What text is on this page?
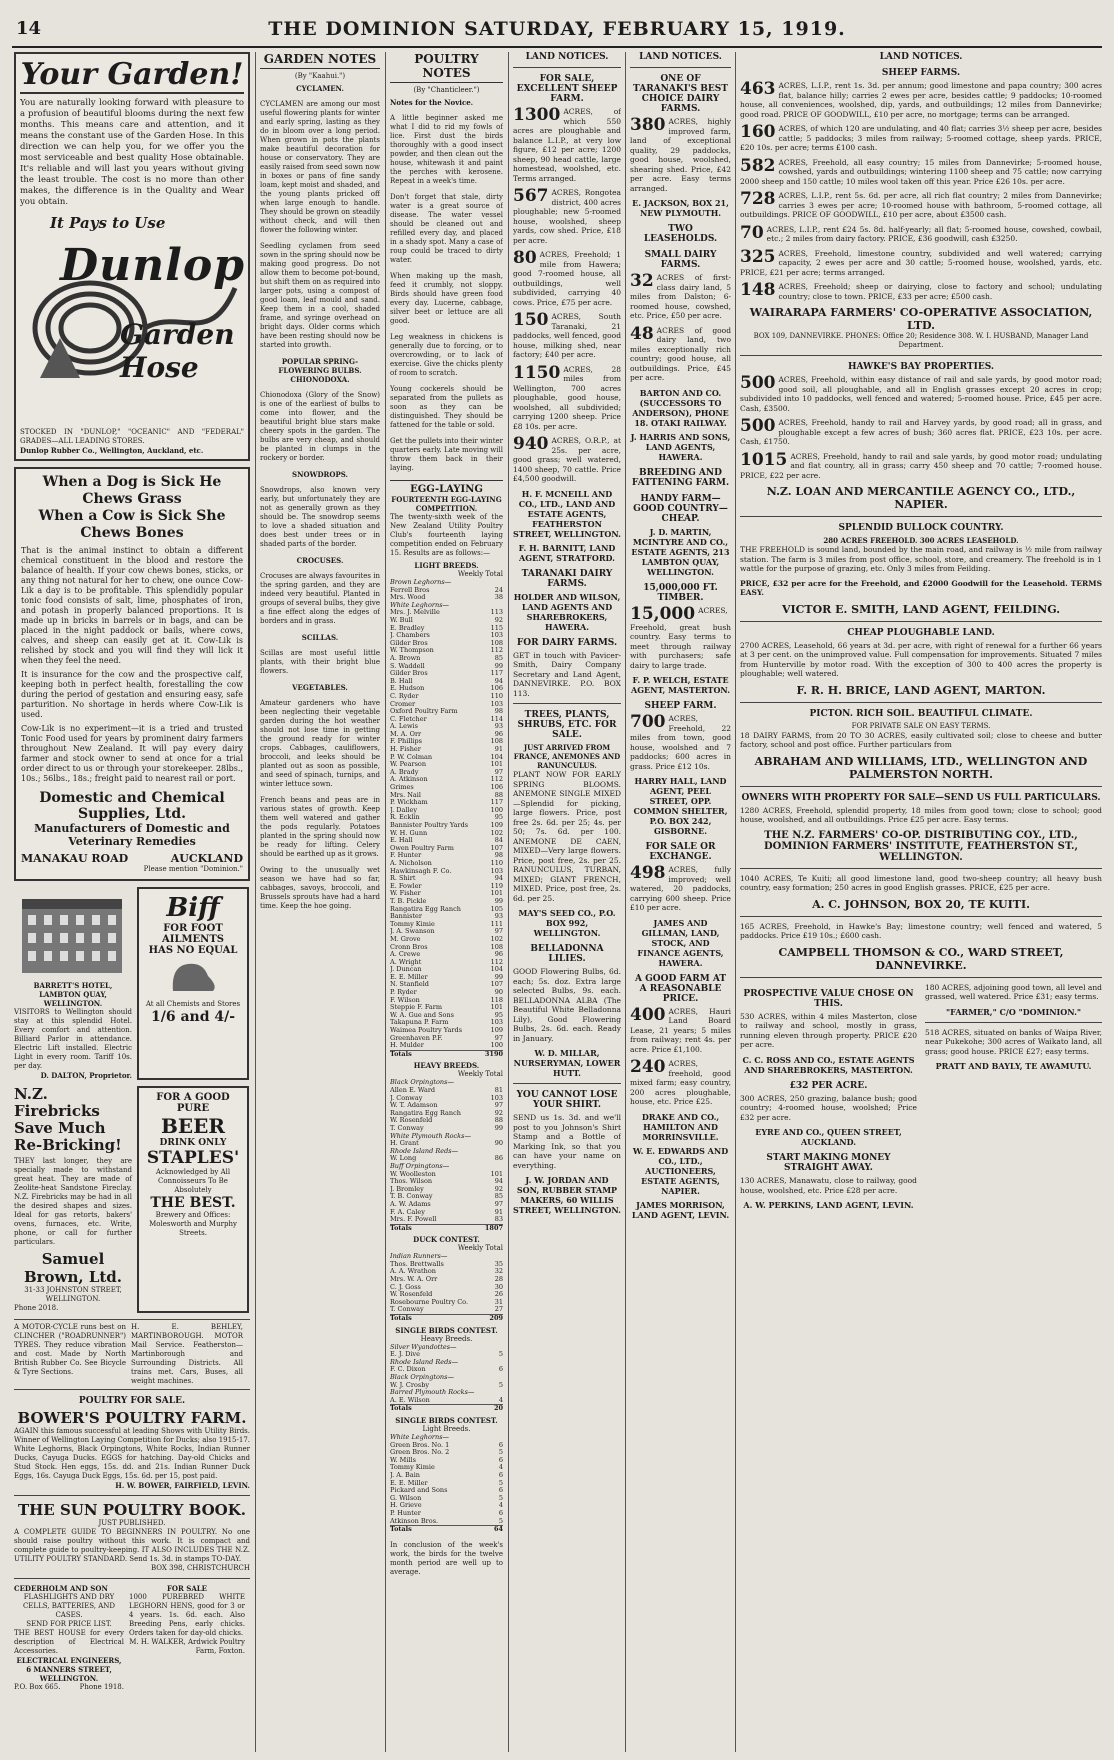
14	THE DOMINION SATURDAY, FEBRUARY 15, 1919.
Your Garden!
You are naturally looking forward with pleasure to a profusion of beautiful blooms during the next few months. This means care and attention, and it means the constant use of the Garden Hose. In this direction we can help you, for we offer you the most serviceable and best quality Hose obtainable. It's reliable and will last you years without giving the least trouble. The cost is no more than other makes, the difference is in the Quality and Wear you obtain.
It Pays to Use
Dunlop
Garden Hose
STOCKED IN "DUNLOP," "OCEANIC" AND "FEDERAL" GRADES—ALL LEADING STORES.
Dunlop Rubber Co., Wellington, Auckland, etc.
When a Dog is Sick He Chews Grass
When a Cow is Sick She Chews Bones
That is the animal instinct to obtain a different chemical constituent in the blood and restore the balance of health. If your cow chews bones, sticks, or any thing not natural for her to chew, one ounce Cow-Lik a day is to be profitable. This splendidly popular tonic food consists of salt, lime, phosphates of iron, and potash in properly balanced proportions. It is made up in bricks in barrels or in bags, and can be placed in the night paddock or bails, where cows, calves, and sheep can easily get at it. Cow-Lik is relished by stock and you will find they will lick it when they feel the need.
It is insurance for the cow and the prospective calf, keeping both in perfect health, forestalling the cow during the period of gestation and ensuring easy, safe parturition. No shortage in herds where Cow-Lik is used.
Cow-Lik is no experiment—it is a tried and trusted Tonic Food used for years by prominent dairy farmers throughout New Zealand. It will pay every dairy farmer and stock owner to send at once for a trial order direct to us or through your storekeeper. 28lbs., 10s.; 56lbs., 18s.; freight paid to nearest rail or port.
Domestic and Chemical Supplies, Ltd.
Manufacturers of Domestic and Veterinary Remedies
MANAKAU ROAD	AUCKLAND
Please mention "Dominion."
BARRETT'S HOTEL, LAMBTON QUAY, WELLINGTON.
VISITORS to Wellington should stay at this splendid Hotel. Every comfort and attention. Billiard Parlor in attendance. Electric Lift installed. Electric Light in every room. Tariff 10s. per day.
D. DALTON, Proprietor.
Biff
FOR FOOT AILMENTS
HAS NO EQUAL
At all Chemists and Stores
1/6 and 4/-
N.Z. Firebricks Save Much Re-Bricking!
THEY last longer, they are specially made to withstand great heat. They are made of Zeolite-heat Sandstone Fireclay. N.Z. Firebricks may be had in all the desired shapes and sizes. Ideal for gas retorts, bakers' ovens, furnaces, etc. Write, phone, or call for further particulars.
Samuel Brown, Ltd.
31-33 JOHNSTON STREET, WELLINGTON.
Phone 2018.
FOR A GOOD PURE
BEER
DRINK ONLY
STAPLES'
Acknowledged by All Connoisseurs To Be Absolutely
THE BEST.
Brewery and Offices: Molesworth and Murphy Streets.
A MOTOR-CYCLE runs best on CLINCHER ("ROADRUNNER") TYRES. They reduce vibration and cost. Made by North British Rubber Co. See Bicycle & Tyre Sections.
H. E. BEHLEY, MARTINBOROUGH. MOTOR Mail Service. Featherston—Martinborough and Surrounding Districts. All trains met. Cars, Buses, all weight machines.
POULTRY FOR SALE.
BOWER'S POULTRY FARM.
AGAIN this famous successful at leading Shows with Utility Birds. Winner of Wellington Laying Competition for Ducks; also 1915-17. White Leghorns, Black Orpingtons, White Rocks, Indian Runner Ducks, Cayuga Ducks. EGGS for hatching. Day-old Chicks and Stud Stock. Hen eggs, 15s. dd. and 21s. Indian Runner Duck Eggs, 16s. Cayuga Duck Eggs, 15s. 6d. per 15, post paid.
H. W. BOWER, FAIRFIELD, LEVIN.
THE SUN POULTRY BOOK.
JUST PUBLISHED.
A COMPLETE GUIDE TO BEGINNERS IN POULTRY. No one should raise poultry without this work. It is compact and complete guide to poultry-keeping. IT ALSO INCLUDES THE N.Z. UTILITY POULTRY STANDARD. Send 1s. 3d. in stamps TO-DAY.
BOX 398, CHRISTCHURCH
CEDERHOLM AND SON
FLASHLIGHTS AND DRY CELLS, BATTERIES, AND CASES.
SEND FOR PRICE LIST.
THE BEST HOUSE for every description of Electrical Accessories.
ELECTRICAL ENGINEERS, 6 MANNERS STREET, WELLINGTON.
P.O. Box 665.	Phone 1918.
FOR SALE
1000 PUREBRED WHITE LEGHORN HENS, good for 3 or 4 years. 1s. 6d. each. Also Breeding Pens, early chicks. Orders taken for day-old chicks.
M. H. WALKER, Ardwick Poultry Farm, Foxton.
GARDEN NOTES
(By "Kaahui.")
CYCLAMEN.

CYCLAMEN are among our most useful flowering plants for winter and early spring, lasting as they do in bloom over a long period. When grown in pots the plants make beautiful decoration for house or conservatory. They are easily raised from seed sown now in boxes or pans of fine sandy loam, kept moist and shaded, and the young plants pricked off when large enough to handle. They should be grown on steadily without check, and will then flower the following winter.

Seedling cyclamen from seed sown in the spring should now be making good progress. Do not allow them to become pot-bound, but shift them on as required into larger pots, using a compost of good loam, leaf mould and sand. Keep them in a cool, shaded frame, and syringe overhead on bright days. Older corms which have been resting should now be started into growth.

POPULAR SPRING-FLOWERING BULBS.
CHIONODOXA.

Chionodoxa (Glory of the Snow) is one of the earliest of bulbs to come into flower, and the beautiful bright blue stars make cheery spots in the garden. The bulbs are very cheap, and should be planted in clumps in the rockery or border.

SNOWDROPS.

Snowdrops, also known very early, but unfortunately they are not as generally grown as they should be. The snowdrop seems to love a shaded situation and does best under trees or in shaded parts of the border.

CROCUSES.

Crocuses are always favourites in the spring garden, and they are indeed very beautiful. Planted in groups of several bulbs, they give a fine effect along the edges of borders and in grass.

SCILLAS.

Scillas are most useful little plants, with their bright blue flowers.

VEGETABLES.

Amateur gardeners who have been neglecting their vegetable garden during the hot weather should not lose time in getting the ground ready for winter crops. Cabbages, cauliflowers, broccoli, and leeks should be planted out as soon as possible, and seed of spinach, turnips, and winter lettuce sown.

French beans and peas are in various states of growth. Keep them well watered and gather the pods regularly. Potatoes planted in the spring should now be ready for lifting. Celery should be earthed up as it grows.

Owing to the unusually wet season we have had so far, cabbages, savoys, broccoli, and Brussels sprouts have had a hard time. Keep the hoe going.

POULTRY NOTES
(By "Chanticleer.")
Notes for the Novice.

A little beginner asked me what I did to rid my fowls of lice. First dust the birds thoroughly with a good insect powder, and then clean out the house, whitewash it and paint the perches with kerosene. Repeat in a week's time.

Don't forget that stale, dirty water is a great source of disease. The water vessel should be cleaned out and refilled every day, and placed in a shady spot. Many a case of roup could be traced to dirty water.

When making up the mash, feed it crumbly, not sloppy. Birds should have green food every day. Lucerne, cabbage, silver beet or lettuce are all good.

Leg weakness in chickens is generally due to forcing, or to overcrowding, or to lack of exercise. Give the chicks plenty of room to scratch.

Young cockerels should be separated from the pullets as soon as they can be distinguished. They should be fattened for the table or sold.

Get the pullets into their winter quarters early. Late moving will throw them back in their laying.

EGG-LAYING
FOURTEENTH EGG-LAYING COMPETITION.
The twenty-sixth week of the New Zealand Utility Poultry Club's fourteenth laying competition ended on February 15. Results are as follows:—
LIGHT BREEDS.
Weekly Total
Brown Leghorns—	
Ferrell Bros	24
Mrs. Wood	38
White Leghorns—	
Mrs. J. Melville	113
W. Bull	92
E. Bradley	115
J. Chambers	103
Gilder Bros	108
W. Thompson	112
A. Brown	85
S. Waddell	99
Gilder Bros	117
B. Hall	94
E. Hudson	106
C. Ryder	110
Cromer	103
Oxford Poultry Farm	98
C. Fletcher	114
A. Lewis	93
M. A. Orr	96
F. Phillips	108
H. Fisher	91
P. W. Colman	104
W. Pearson	101
A. Brady	97
A. Atkinson	112
Grimes	106
Mrs. Nail	88
P. Wickham	117
J. Dalley	100
R. Ecklin	95
Bannister Poultry Yards	109
W. H. Gunn	102
E. Hall	84
Owen Poultry Farm	107
F. Hunter	98
A. Nicholson	110
Hawkinsagh F. Co.	103
R. Shirt	94
E. Fowler	119
W. Fisher	101
T. B. Pickle	99
Rangatira Egg Ranch	105
Bannister	93
Tommy Kimie	111
J. A. Swanson	97
M. Grove	102
Cronn Bros	108
A. Crewe	96
A. Wright	112
J. Duncan	104
E. E. Miller	99
N. Stanfield	107
P. Ryder	90
F. Wilson	118
Steppie F. Farm	101
W. A. Gue and Sons	95
Takapuna P. Farm	103
Waimea Poultry Yards	109
Greenhaven P.F.	97
H. Mulder	100
Totals	3190
HEAVY BREEDS.
Weekly Total
Black Orpingtons—	
Allen E. Ward	81
J. Conway	103
W. T. Adamson	97
Rangatira Egg Ranch	92
W. Rosenfeld	88
T. Conway	99
White Plymouth Rocks—	
H. Grant	90
Rhode Island Reds—	
W. Long	86
Buff Orpingtons—	
W. Woolleston	101
Thos. Wilson	94
J. Bromley	92
T. B. Conway	85
A. W. Adams	97
F. A. Caley	91
Mrs. F. Powell	83
Totals	1807
DUCK CONTEST.
Weekly Total
Indian Runners—	
Thos. Brettwalls	35
A. A. Wrathon	32
Mrs. W. A. Orr	28
C. J. Goss	30
W. Rosenfeld	26
Rosebourne Poultry Co.	31
T. Conway	27
Totals	209
SINGLE BIRDS CONTEST.
Heavy Breeds.
Silver Wyandottes—	
E. J. Dive	5
Rhode Island Reds—	
F. C. Dixon	6
Black Orpingtons—	
W. J. Crosby	5
Barred Plymouth Rocks—	
A. E. Wilson	4
Totals	20
SINGLE BIRDS CONTEST.
Light Breeds.
White Leghorns—	
Green Bros. No. 1	6
Green Bros. No. 2	5
W. Mills	6
Tommy Kimie	4
J. A. Bain	6
E. E. Miller	5
Pickard and Sons	6
G. Wilson	5
H. Grieve	4
P. Hunter	6
Atkinson Bros.	5
Totals	64

In conclusion of the week's work, the birds for the twelve month period are well up to average.

LAND NOTICES.
FOR SALE, EXCELLENT SHEEP FARM.
1300 ACRES, of which 550 acres are ploughable and balance L.I.P., at very low figure, £12 per acre; 1200 sheep, 90 head cattle, large homestead, woolshed, etc. Terms arranged.
567 ACRES, Rongotea district, 400 acres ploughable; new 5-roomed house, woolshed, sheep yards, cow shed. Price, £18 per acre.
80 ACRES, Freehold; 1 mile from Hawera; good 7-roomed house, all outbuildings, well subdivided, carrying 40 cows. Price, £75 per acre.
150 ACRES, South Taranaki, 21 paddocks, well fenced, good house, milking shed, near factory; £40 per acre.
1150 ACRES, 28 miles from Wellington, 700 acres ploughable, good house, woolshed, all subdivided; carrying 1200 sheep. Price £8 10s. per acre.
940 ACRES, O.R.P., at 25s. per acre, good grass; well watered, 1400 sheep, 70 cattle. Price £4,500 goodwill.
H. F. MCNEILL AND CO., LTD., LAND AND ESTATE AGENTS, FEATHERSTON STREET, WELLINGTON.
F. H. BARNITT, LAND AGENT, STRATFORD.
TARANAKI DAIRY FARMS.
HOLDER AND WILSON, LAND AGENTS AND SHAREBROKERS, HAWERA.
FOR DAIRY FARMS.
GET in touch with Pavicer-Smith, Dairy Company Secretary and Land Agent, DANNEVIRKE. P.O. BOX 113.
TREES, PLANTS, SHRUBS, ETC. FOR SALE.
JUST ARRIVED FROM FRANCE, ANEMONES AND RANUNCULUS.
PLANT NOW FOR EARLY SPRING BLOOMS. ANEMONE SINGLE MIXED—Splendid for picking, large flowers. Price, post free 2s. 6d. per 25; 4s. per 50; 7s. 6d. per 100. ANEMONE DE CAEN, MIXED—Very large flowers. Price, post free, 2s. per 25. RANUNCULUS, TURBAN, MIXED; GIANT FRENCH, MIXED. Price, post free, 2s. 6d. per 25.
MAY'S SEED CO., P.O. BOX 992, WELLINGTON.
BELLADONNA LILIES.
GOOD Flowering Bulbs, 6d. each; 5s. doz. Extra large selected Bulbs, 9s. each. BELLADONNA ALBA (The Beautiful White Belladonna Lily), Good Flowering Bulbs, 2s. 6d. each. Ready in January.
W. D. MILLAR, NURSERYMAN, LOWER HUTT.
YOU CANNOT LOSE YOUR SHIRT.
SEND us 1s. 3d. and we'll post to you Johnson's Shirt Stamp and a Bottle of Marking Ink, so that you can have your name on everything.
J. W. JORDAN AND SON, RUBBER STAMP MAKERS, 60 WILLIS STREET, WELLINGTON.
LAND NOTICES.
ONE OF TARANAKI'S BEST CHOICE DAIRY FARMS.
380 ACRES, highly improved farm, land of exceptional quality, 29 paddocks, good house, woolshed, shearing shed. Price, £42 per acre. Easy terms arranged.
E. JACKSON, BOX 21, NEW PLYMOUTH.
TWO LEASEHOLDS.
SMALL DAIRY FARMS.
32 ACRES of first-class dairy land, 5 miles from Dalston; 6-roomed house, cowshed, etc. Price, £50 per acre.
48 ACRES of good dairy land, two miles exceptionally rich country; good house, all outbuildings. Price, £45 per acre.
BARTON AND CO. (SUCCESSORS TO ANDERSON), PHONE 18. OTAKI RAILWAY.
J. HARRIS AND SONS, LAND AGENTS, HAWERA.
BREEDING AND FATTENING FARM.
HANDY FARM—GOOD COUNTRY—CHEAP.
J. D. MARTIN, MCINTYRE AND CO., ESTATE AGENTS, 213 LAMBTON QUAY, WELLINGTON.
15,000,000 FT. TIMBER.
15,000 ACRES, Freehold, great bush country. Easy terms to meet through railway with purchasers; safe dairy to large trade.
F. P. WELCH, ESTATE AGENT, MASTERTON.
SHEEP FARM.
700 ACRES, Freehold, 22 miles from town, good house, woolshed and 7 paddocks; 600 acres in grass. Price £12 10s.
HARRY HALL, LAND AGENT, PEEL STREET, OPP. COMMON SHELTER, P.O. BOX 242, GISBORNE.
FOR SALE OR EXCHANGE.
498 ACRES, fully improved; well watered, 20 paddocks, carrying 600 sheep. Price £10 per acre.
JAMES AND GILLMAN, LAND, STOCK, AND FINANCE AGENTS, HAWERA.
A GOOD FARM AT A REASONABLE PRICE.
400 ACRES, Hauri Land Board Lease, 21 years; 5 miles from railway; rent 4s. per acre. Price £1,100.
240 ACRES, freehold, good mixed farm; easy country, 200 acres ploughable, house, etc. Price £25.
DRAKE AND CO., HAMILTON AND MORRINSVILLE.
W. E. EDWARDS AND CO., LTD., AUCTIONEERS, ESTATE AGENTS, NAPIER.
JAMES MORRISON, LAND AGENT, LEVIN.
LAND NOTICES.
SHEEP FARMS.
463 ACRES, L.I.P., rent 1s. 3d. per annum; good limestone and papa country; 300 acres flat, balance hilly; carries 2 ewes per acre, besides cattle; 9 paddocks; 10-roomed house, all conveniences, woolshed, dip, yards, and outbuildings; 12 miles from Dannevirke; good road. PRICE OF GOODWILL, £10 per acre, no mortgage; terms can be arranged.
160 ACRES, of which 120 are undulating, and 40 flat; carries 3½ sheep per acre, besides cattle; 5 paddocks; 3 miles from railway; 5-roomed cottage, sheep yards. PRICE, £20 10s. per acre; terms £100 cash.
582 ACRES, Freehold, all easy country; 15 miles from Dannevirke; 5-roomed house, cowshed, yards and outbuildings; wintering 1100 sheep and 75 cattle; now carrying 2000 sheep and 150 cattle; 10 miles wool taken off this year. Price £26 10s. per acre.
728 ACRES, L.I.P., rent 5s. 6d. per acre, all rich flat country; 2 miles from Dannevirke; carries 3 ewes per acre; 10-roomed house with bathroom, 5-roomed cottage, all outbuildings. PRICE OF GOODWILL, £10 per acre, about £3500 cash.
70 ACRES, L.I.P., rent £24 5s. 8d. half-yearly; all flat; 5-roomed house, cowshed, cowbail, etc.; 2 miles from dairy factory. PRICE, £36 goodwill, cash £3250.
325 ACRES, Freehold, limestone country, subdivided and well watered; carrying capacity, 2 ewes per acre and 30 cattle; 5-roomed house, woolshed, yards, etc. PRICE, £21 per acre; terms arranged.
148 ACRES, Freehold; sheep or dairying, close to factory and school; undulating country; close to town. PRICE, £33 per acre; £500 cash.
WAIRARAPA FARMERS' CO-OPERATIVE ASSOCIATION, LTD.
BOX 109, DANNEVIRKE. PHONES: Office 20; Residence 308. W. I. HUSBAND, Manager Land Department.
HAWKE'S BAY PROPERTIES.
500 ACRES, Freehold, within easy distance of rail and sale yards, by good motor road; good soil, all ploughable, and all in English grasses except 20 acres in crop; subdivided into 10 paddocks, well fenced and watered; 5-roomed house. Price, £45 per acre. Cash, £3500.
500 ACRES, Freehold, handy to rail and Harvey yards, by good road; all in grass, and ploughable except a few acres of bush; 360 acres flat. PRICE, £23 10s. per acre. Cash, £1750.
1015 ACRES, Freehold, handy to rail and sale yards, by good motor road; undulating and flat country, all in grass; carry 450 sheep and 70 cattle; 7-roomed house. PRICE, £22 per acre.
N.Z. LOAN AND MERCANTILE AGENCY CO., LTD., NAPIER.
SPLENDID BULLOCK COUNTRY.
280 ACRES FREEHOLD. 300 ACRES LEASEHOLD.
THE FREEHOLD is sound land, bounded by the main road, and railway is ½ mile from railway station. The farm is 3 miles from post office, school, store, and creamery. The freehold is in 1 wattle for the purpose of grazing, etc. Only 3 miles from Feilding.
PRICE, £32 per acre for the Freehold, and £2000 Goodwill for the Leasehold. TERMS EASY.
VICTOR E. SMITH, LAND AGENT, FEILDING.
CHEAP PLOUGHABLE LAND.
2700 ACRES, Leasehold, 66 years at 3d. per acre, with right of renewal for a further 66 years at 3 per cent. on the unimproved value. Full compensation for improvements. Situated 7 miles from Hunterville by motor road. With the exception of 300 to 400 acres the property is ploughable; well watered.
F. R. H. BRICE, LAND AGENT, MARTON.
PICTON. RICH SOIL. BEAUTIFUL CLIMATE.
FOR PRIVATE SALE ON EASY TERMS.
18 DAIRY FARMS, from 20 TO 30 ACRES, easily cultivated soil; close to cheese and butter factory, school and post office. Further particulars from
ABRAHAM AND WILLIAMS, LTD., WELLINGTON AND PALMERSTON NORTH.
OWNERS WITH PROPERTY FOR SALE—SEND US FULL PARTICULARS.
1280 ACRES, Freehold, splendid property, 18 miles from good town; close to school; good house, woolshed, and all outbuildings. Price £25 per acre. Easy terms.
THE N.Z. FARMERS' CO-OP. DISTRIBUTING COY., LTD., DOMINION FARMERS' INSTITUTE, FEATHERSTON ST., WELLINGTON.
1040 ACRES, Te Kuiti; all good limestone land, good two-sheep country; all heavy bush country, easy formation; 250 acres in good English grasses. PRICE, £25 per acre.
A. C. JOHNSON, BOX 20, TE KUITI.
165 ACRES, Freehold, in Hawke's Bay; limestone country; well fenced and watered, 5 paddocks. Price £19 10s.; £600 cash.
CAMPBELL THOMSON & CO., WARD STREET, DANNEVIRKE.
PROSPECTIVE VALUE CHOSE ON THIS.
530 ACRES, within 4 miles Masterton, close to railway and school, mostly in grass, running eleven through property. PRICE £20 per acre.
C. C. ROSS AND CO., ESTATE AGENTS AND SHAREBROKERS, MASTERTON.
£32 PER ACRE.
300 ACRES, 250 grazing, balance bush; good country; 4-roomed house, woolshed; Price £32 per acre.
EYRE AND CO., QUEEN STREET, AUCKLAND.
START MAKING MONEY STRAIGHT AWAY.
130 ACRES, Manawatu, close to railway, good house, woolshed, etc. Price £28 per acre.
A. W. PERKINS, LAND AGENT, LEVIN.
180 ACRES, adjoining good town, all level and grassed, well watered. Price £31; easy terms.
"FARMER," C/O "DOMINION."
518 ACRES, situated on banks of Waipa River, near Pukekohe; 300 acres of Waikato land, all grass; good house. PRICE £27; easy terms.
PRATT AND BAYLY, TE AWAMUTU.
